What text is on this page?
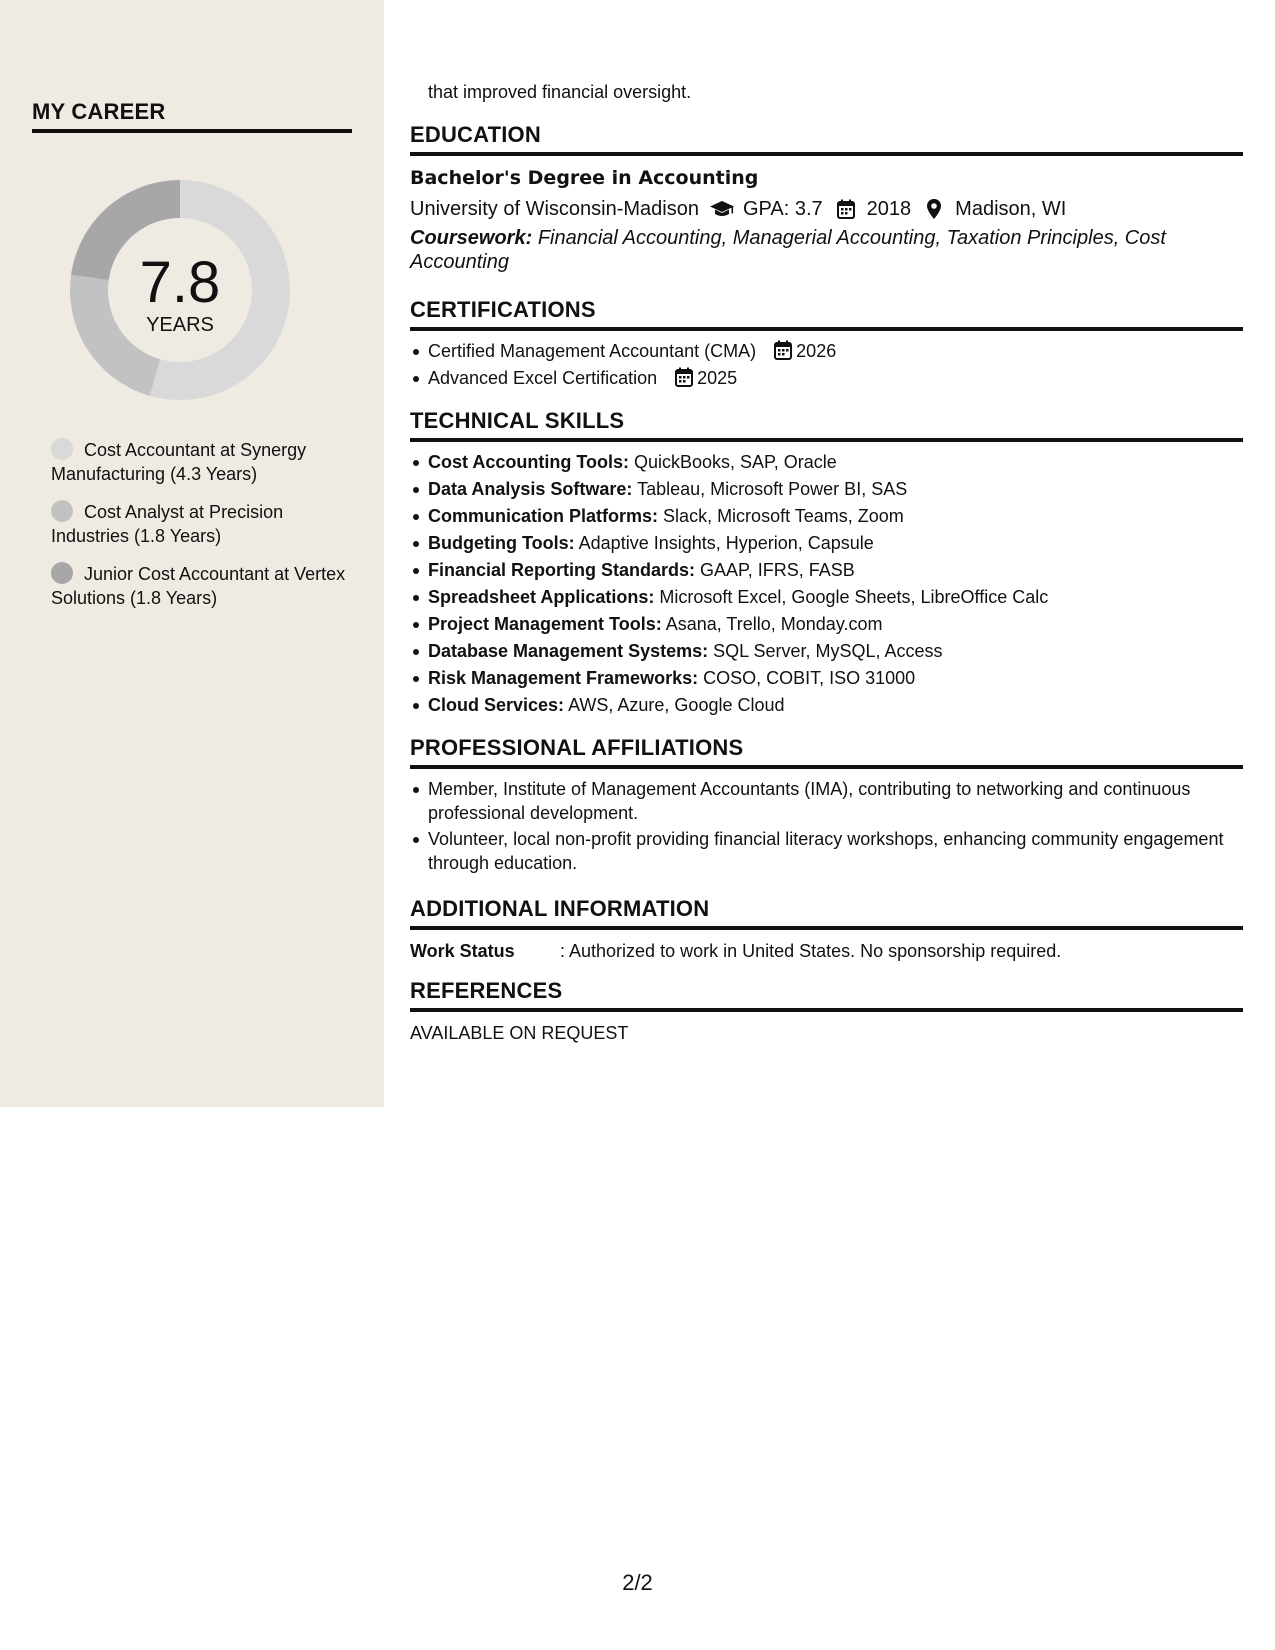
MY CAREER
7.8
YEARS
Cost Accountant at Synergy Manufacturing (4.3 Years)
Cost Analyst at Precision Industries (1.8 Years)
Junior Cost Accountant at Vertex Solutions (1.8 Years)
that improved financial oversight.
EDUCATION
Bachelor's Degree in Accounting
University of Wisconsin-Madison GPA: 3.7 2018 Madison, WI
Coursework: Financial Accounting, Managerial Accounting, Taxation Principles, Cost Accounting
CERTIFICATIONS
Certified Management Accountant (CMA) 2026
Advanced Excel Certification 2025
TECHNICAL SKILLS
Cost Accounting Tools: QuickBooks, SAP, Oracle
Data Analysis Software: Tableau, Microsoft Power BI, SAS
Communication Platforms: Slack, Microsoft Teams, Zoom
Budgeting Tools: Adaptive Insights, Hyperion, Capsule
Financial Reporting Standards: GAAP, IFRS, FASB
Spreadsheet Applications: Microsoft Excel, Google Sheets, LibreOffice Calc
Project Management Tools: Asana, Trello, Monday.com
Database Management Systems: SQL Server, MySQL, Access
Risk Management Frameworks: COSO, COBIT, ISO 31000
Cloud Services: AWS, Azure, Google Cloud
PROFESSIONAL AFFILIATIONS
Member, Institute of Management Accountants (IMA), contributing to networking and continuous professional development.
Volunteer, local non-profit providing financial literacy workshops, enhancing community engagement through education.
ADDITIONAL INFORMATION
Work Status	: Authorized to work in United States. No sponsorship required.
REFERENCES
AVAILABLE ON REQUEST
2/2
